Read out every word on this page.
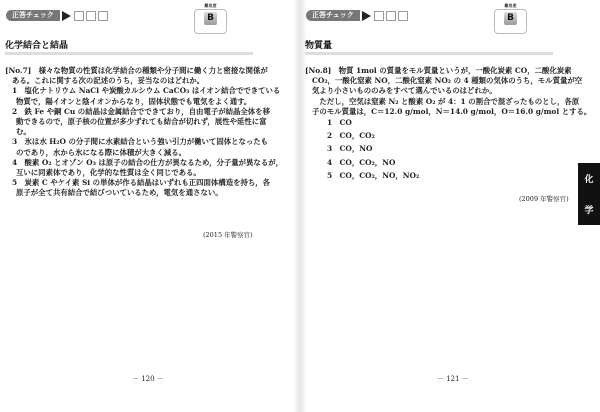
正答チェック
難易度
B
化学結合と結晶
[No.7]　様々な物質の性質は化学結合の種類や分子間に働く力と密接な関係が
ある。これに関する次の記述のうち，妥当なのはどれか。
1　塩化ナトリウム NaCl や炭酸カルシウム CaCO₃ はイオン結合でできている
物質で，陽イオンと陰イオンからなり，固体状態でも電気をよく通す。
2　鉄 Fe や銅 Cu の結晶は金属結合でできており，自由電子が結晶全体を移
動できるので，原子核の位置が多少ずれても結合が切れず，展性や延性に富
む。
3　氷は水 H₂O の分子間に水素結合という強い引力が働いて固体となったも
のであり，水から氷になる際に体積が大きく減る。
4　酸素 O₂ とオゾン O₃ は原子の結合の仕方が異なるため，分子量が異なるが，
互いに同素体であり，化学的な性質は全く同じである。
5　炭素 C やケイ素 Si の単体が作る結晶はいずれも正四面体構造を持ち，各
原子が全て共有結合で結びついているため，電気を通さない。
(2015 年警察官)
－ 120 －
正答チェック
難易度
B
物質量
[No.8]　物質 1mol の質量をモル質量というが，一酸化炭素 CO，二酸化炭素
CO₂，一酸化窒素 NO，二酸化窒素 NO₂ の 4 種類の気体のうち，モル質量が空
気より小さいもののみをすべて選んでいるのはどれか。
　ただし，空気は窒素 N₂ と酸素 O₂ が 4：1 の割合で混ざったものとし，各原
子のモル質量は，C＝12.0 g/mol，N＝14.0 g/mol，O＝16.0 g/mol とする。
1　CO
2　CO，CO₂
3　CO，NO
4　CO，CO₂，NO
5　CO，CO₂，NO，NO₂
(2009 年警察官)
－ 121 －
化
学
